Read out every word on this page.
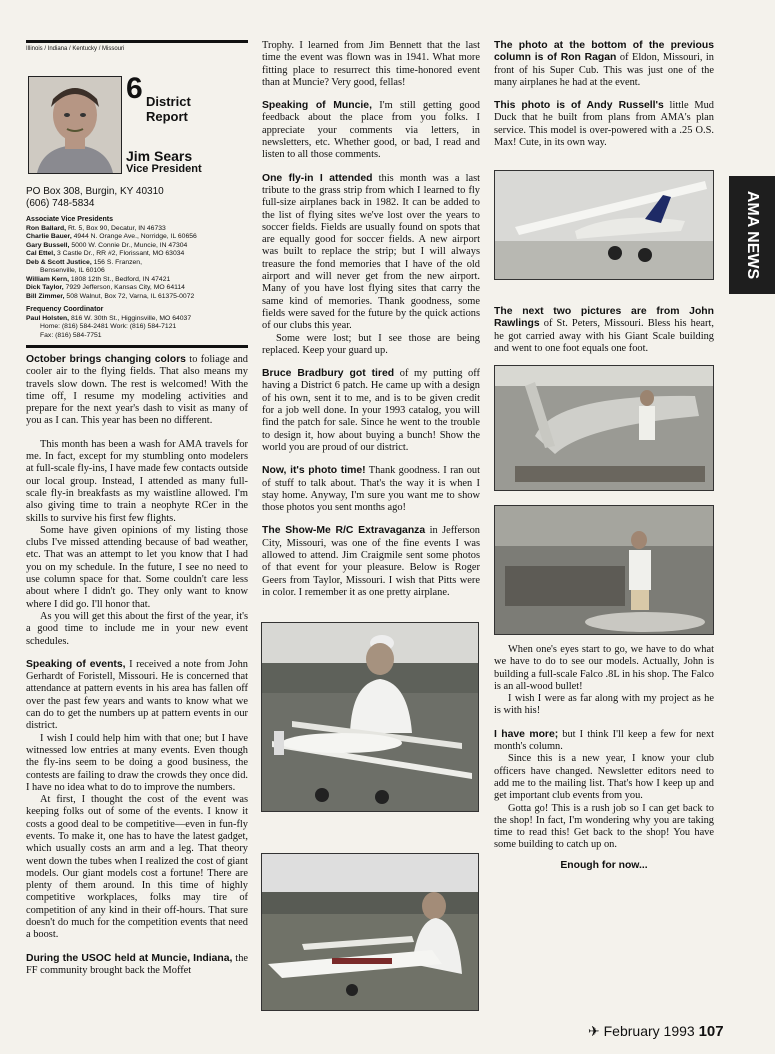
Illinois / Indiana / Kentucky / Missouri
6 District
Report
Jim Sears
Vice President
PO Box 308, Burgin, KY 40310
(606) 748-5834
Associate Vice Presidents
Ron Ballard, Rt. 5, Box 90, Decatur, IN 46733
Charlie Bauer, 4944 N. Orange Ave., Norridge, IL 60656
Gary Bussell, 5000 W. Connie Dr., Muncie, IN 47304
Cal Ettel, 3 Castle Dr., RR #2, Florissant, MO 63034
Deb & Scott Justice, 156 S. Franzen,
Bensenville, IL 60106
William Kern, 1808 12th St., Bedford, IN 47421
Dick Taylor, 7929 Jefferson, Kansas City, MO 64114
Bill Zimmer, 508 Walnut, Box 72, Varna, IL 61375-0072
Frequency Coordinator
Paul Holsten, 816 W. 30th St., Higginsville, MO 64037
Home: (816) 584-2481 Work: (816) 584-7121
Fax: (816) 584-7751

October brings changing colors to foliage and cooler air to the flying fields. That also means my travels slow down. The rest is welcomed! With the time off, I resume my modeling activities and prepare for the next year's dash to visit as many of you as I can. This year has been no different.

This month has been a wash for AMA travels for me. In fact, except for my stumbling onto modelers at full-scale fly-ins, I have made few contacts outside our local group. Instead, I attended as many full-scale fly-in breakfasts as my waistline allowed. I'm also giving time to train a neophyte RCer in the skills to survive his first few flights.

Some have given opinions of my listing those clubs I've missed attending because of bad weather, etc. That was an attempt to let you know that I had you on my schedule. In the future, I see no need to use column space for that. Some couldn't care less about where I didn't go. They only want to know where I did go. I'll honor that.

As you will get this about the first of the year, it's a good time to include me in your new event schedules.

Speaking of events, I received a note from John Gerhardt of Foristell, Missouri. He is concerned that attendance at pattern events in his area has fallen off over the past few years and wants to know what we can do to get the numbers up at pattern events in our district.

I wish I could help him with that one; but I have witnessed low entries at many events. Even though the fly-ins seem to be doing a good business, the contests are failing to draw the crowds they once did. I have no idea what to do to improve the numbers.

At first, I thought the cost of the event was keeping folks out of some of the events. I know it costs a good deal to be competitive—even in fun-fly events. To make it, one has to have the latest gadget, which usually costs an arm and a leg. That theory went down the tubes when I realized the cost of giant models. Our giant models cost a fortune! There are plenty of them around. In this time of highly competitive workplaces, folks may tire of competition of any kind in their off-hours. That sure doesn't do much for the competition events that need a boost.

During the USOC held at Muncie, Indiana, the FF community brought back the Moffet

Trophy. I learned from Jim Bennett that the last time the event was flown was in 1941. What more fitting place to resurrect this time-honored event than at Muncie? Very good, fellas!

Speaking of Muncie, I'm still getting good feedback about the place from you folks. I appreciate your comments via letters, in newsletters, etc. Whether good, or bad, I read and listen to all those comments.

One fly-in I attended this month was a last tribute to the grass strip from which I learned to fly full-size airplanes back in 1982. It can be added to the list of flying sites we've lost over the years to soccer fields. Fields are usually found on spots that are equally good for soccer fields. A new airport was built to replace the strip; but I will always treasure the fond memories that I have of the old airport and will never get from the new airport. Many of you have lost flying sites that carry the same kind of memories. Thank goodness, some fields were saved for the future by the quick actions of our clubs this year.

Some were lost; but I see those are being replaced. Keep your guard up.

Bruce Bradbury got tired of my putting off having a District 6 patch. He came up with a design of his own, sent it to me, and is to be given credit for a job well done. In your 1993 catalog, you will find the patch for sale. Since he went to the trouble to design it, how about buying a bunch! Show the world you are proud of our district.

Now, it's photo time! Thank goodness. I ran out of stuff to talk about. That's the way it is when I stay home. Anyway, I'm sure you want me to show those photos you sent months ago!

The Show-Me R/C Extravaganza in Jefferson City, Missouri, was one of the fine events I was allowed to attend. Jim Craigmile sent some photos of that event for your pleasure. Below is Roger Geers from Taylor, Missouri. I wish that Pitts were in color. I remember it as one pretty airplane.

The photo at the bottom of the previous column is of Ron Ragan of Eldon, Missouri, in front of his Super Cub. This was just one of the many airplanes he had at the event.

This photo is of Andy Russell's little Mud Duck that he built from plans from AMA's plan service. This model is over-powered with a .25 O.S. Max! Cute, in its own way.

The next two pictures are from John Rawlings of St. Peters, Missouri. Bless his heart, he got carried away with his Giant Scale building and went to one foot equals one foot.

When one's eyes start to go, we have to do what we have to do to see our models. Actually, John is building a full-scale Falco .8L in his shop. The Falco is an all-wood bullet!

I wish I were as far along with my project as he is with his!

I have more; but I think I'll keep a few for next month's column.

Since this is a new year, I know your club officers have changed. Newsletter editors need to add me to the mailing list. That's how I keep up and get important club events from you.

Gotta go! This is a rush job so I can get back to the shop! In fact, I'm wondering why you are taking time to read this! Get back to the shop! You have some building to catch up on.

Enough for now...
AMA NEWS
✈ February 1993 107
